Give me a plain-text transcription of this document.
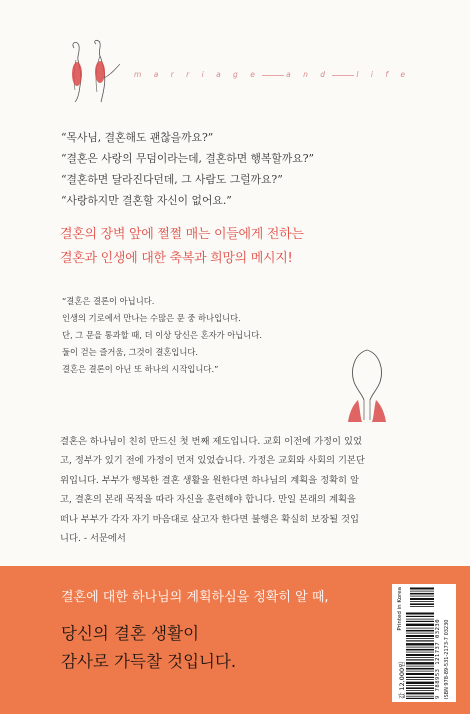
m a r r i a g e	a n d	l i f e

“목사님, 결혼해도 괜찮을까요?”

“결혼은 사랑의 무덤이라는데, 결혼하면 행복할까요?”

“결혼하면 달라진다던데, 그 사람도 그럴까요?”

“사랑하지만 결혼할 자신이 없어요.”

결혼의 장벽 앞에 쩔쩔 매는 이들에게 전하는

결혼과 인생에 대한 축복과 희망의 메시지!

“결혼은 결론이 아닙니다.

인생의 기로에서 만나는 수많은 문 중 하나입니다.

단, 그 문을 통과할 때, 더 이상 당신은 혼자가 아닙니다.

둘이 걷는 즐거움, 그것이 결혼입니다.

결혼은 결론이 아닌 또 하나의 시작입니다.”

결혼은 하나님이 친히 만드신 첫 번째 제도입니다. 교회 이전에 가정이 있었

고, 정부가 있기 전에 가정이 먼저 있었습니다. 가정은 교회와 사회의 기본단

위입니다. 부부가 행복한 결혼 생활을 원한다면 하나님의 계획을 정확히 알

고, 결혼의 본래 목적을 따라 자신을 훈련해야 합니다. 만일 본래의 계획을

떠나 부부가 각자 자기 마음대로 살고자 한다면 불행은 확실히 보장될 것입

니다. - 서문에서

결혼에 대한 하나님의 계획하심을 정확히 알 때,

당신의 결혼 생활이

감사로 가득찰 것입니다.

값 12,000원
Printed in Korea
9 788953 121737 03230 ISBN 978-89-531-2173-7 03230
